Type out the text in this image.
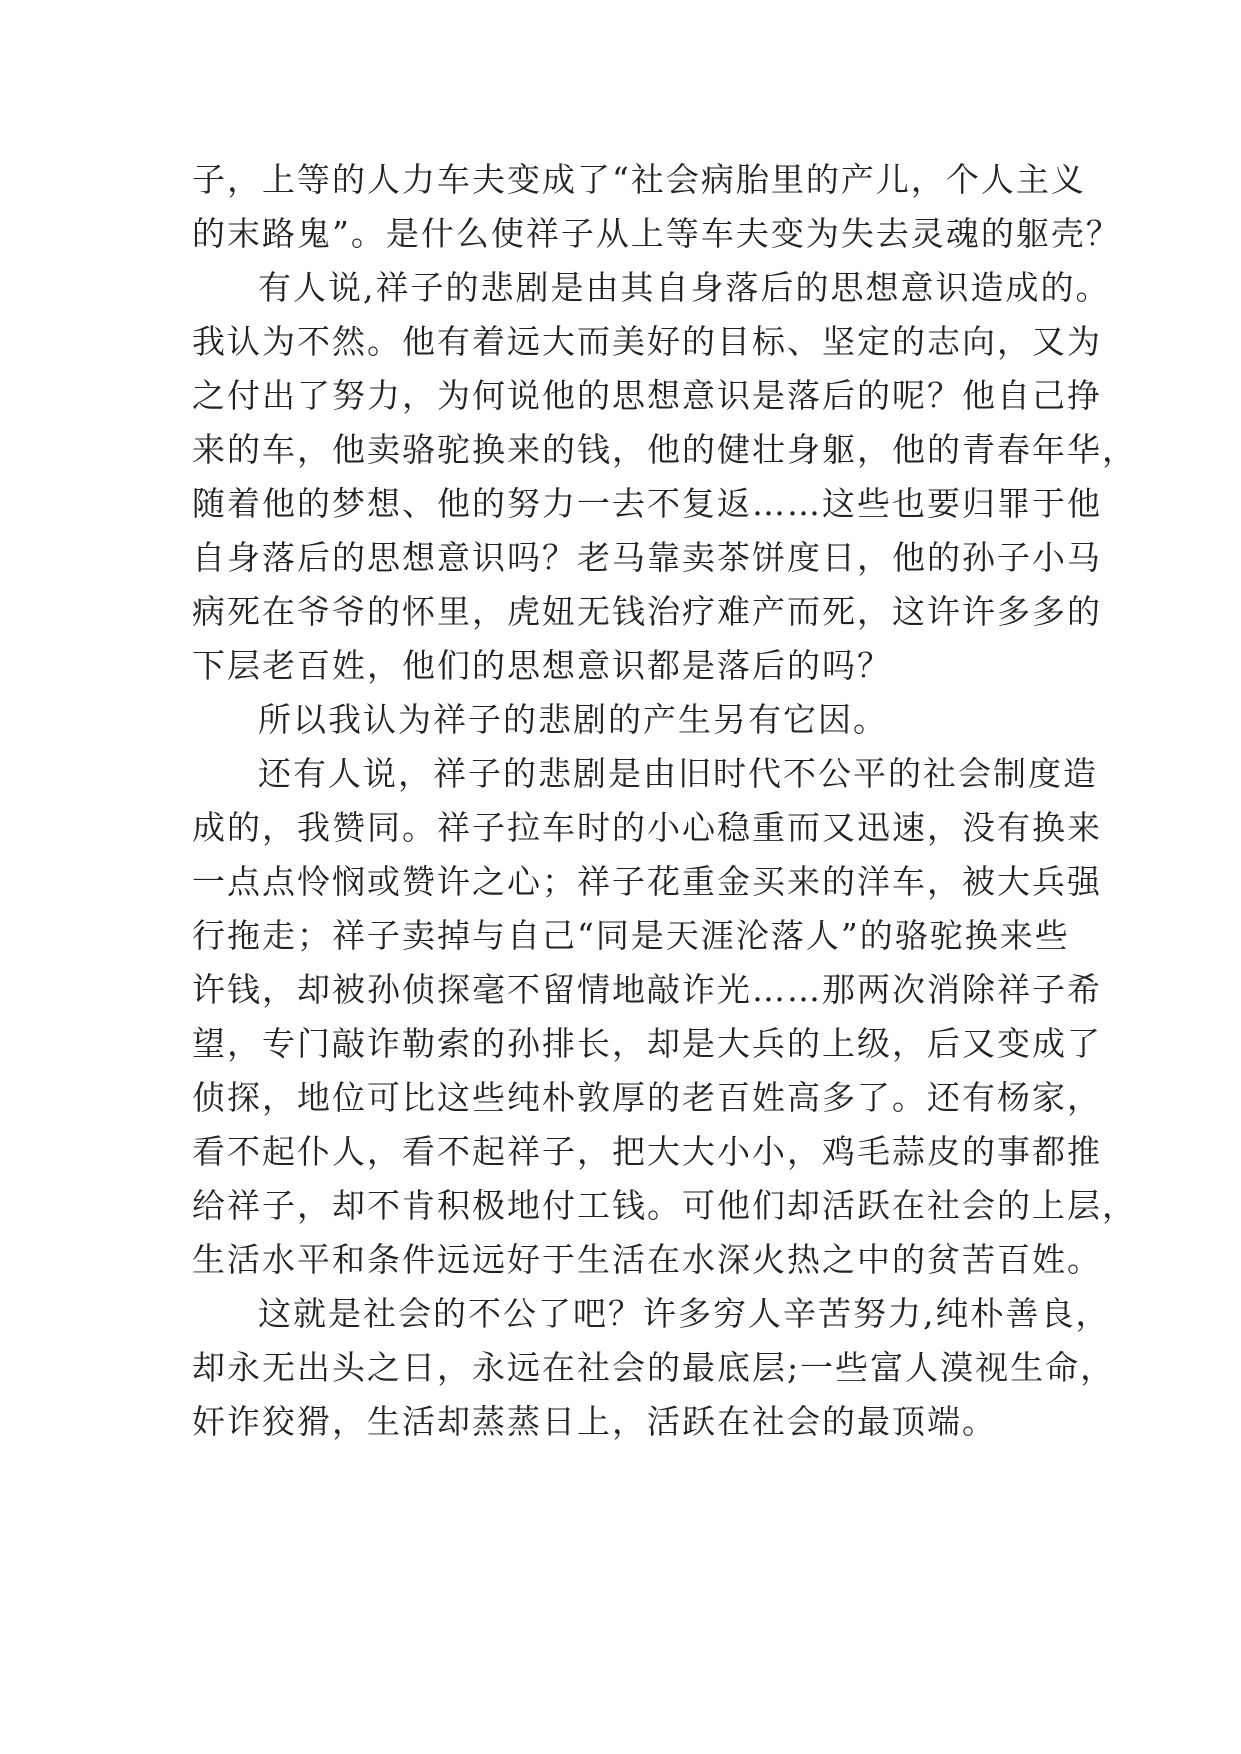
子，上等的人力车夫变成了“社会病胎里的产儿，个人主义
的末路鬼”。是什么使祥子从上等车夫变为失去灵魂的躯壳？
有人说,祥子的悲剧是由其自身落后的思想意识造成的。
我认为不然。他有着远大而美好的目标、坚定的志向，又为
之付出了努力，为何说他的思想意识是落后的呢？他自己挣
来的车，他卖骆驼换来的钱，他的健壮身躯，他的青春年华，
随着他的梦想、他的努力一去不复返……这些也要归罪于他
自身落后的思想意识吗？老马靠卖茶饼度日，他的孙子小马
病死在爷爷的怀里，虎妞无钱治疗难产而死，这许许多多的
下层老百姓，他们的思想意识都是落后的吗？
所以我认为祥子的悲剧的产生另有它因。
还有人说，祥子的悲剧是由旧时代不公平的社会制度造
成的，我赞同。祥子拉车时的小心稳重而又迅速，没有换来
一点点怜悯或赞许之心；祥子花重金买来的洋车，被大兵强
行拖走；祥子卖掉与自己“同是天涯沦落人”的骆驼换来些
许钱，却被孙侦探毫不留情地敲诈光……那两次消除祥子希
望，专门敲诈勒索的孙排长，却是大兵的上级，后又变成了
侦探，地位可比这些纯朴敦厚的老百姓高多了。还有杨家，
看不起仆人，看不起祥子，把大大小小，鸡毛蒜皮的事都推
给祥子，却不肯积极地付工钱。可他们却活跃在社会的上层，
生活水平和条件远远好于生活在水深火热之中的贫苦百姓。
这就是社会的不公了吧？许多穷人辛苦努力,纯朴善良，
却永无出头之日，永远在社会的最底层;一些富人漠视生命，
奸诈狡猾，生活却蒸蒸日上，活跃在社会的最顶端。
